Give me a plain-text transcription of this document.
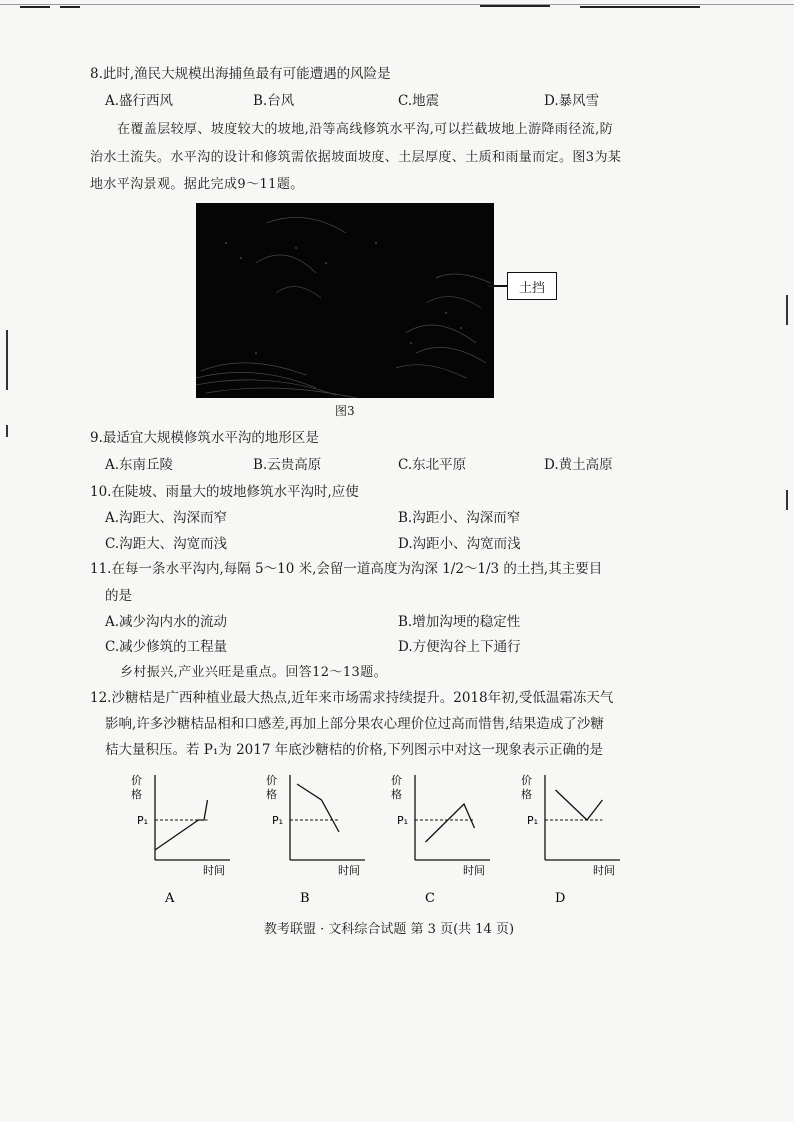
8.此时,渔民大规模出海捕鱼最有可能遭遇的风险是
A.盛行西风	B.台风	C.地震	D.暴风雪
在覆盖层较厚、坡度较大的坡地,沿等高线修筑水平沟,可以拦截坡地上游降雨径流,防
治水土流失。水平沟的设计和修筑需依据坡面坡度、土层厚度、土质和雨量而定。图3为某
地水平沟景观。据此完成9～11题。
土挡
图3
9.最适宜大规模修筑水平沟的地形区是
A.东南丘陵	B.云贵高原	C.东北平原	D.黄土高原
10.在陡坡、雨量大的坡地修筑水平沟时,应使
A.沟距大、沟深而窄	B.沟距小、沟深而窄
C.沟距大、沟宽而浅	D.沟距小、沟宽而浅
11.在每一条水平沟内,每隔 5～10 米,会留一道高度为沟深 1/2～1/3 的土挡,其主要目
的是
A.减少沟内水的流动	B.增加沟埂的稳定性
C.减少修筑的工程量	D.方便沟谷上下通行
乡村振兴,产业兴旺是重点。回答12～13题。
12.沙糖桔是广西种植业最大热点,近年来市场需求持续提升。2018年初,受低温霜冻天气
影响,许多沙糖桔品相和口感差,再加上部分果农心理价位过高而惜售,结果造成了沙糖
桔大量积压。若 P₁为 2017 年底沙糖桔的价格,下列图示中对这一现象表示正确的是
价
格
P₁
时间
A
价
格
P₁
时间
B
价
格
P₁
时间
C
价
格
P₁
时间
D
教考联盟 · 文科综合试题 第 3 页(共 14 页)
